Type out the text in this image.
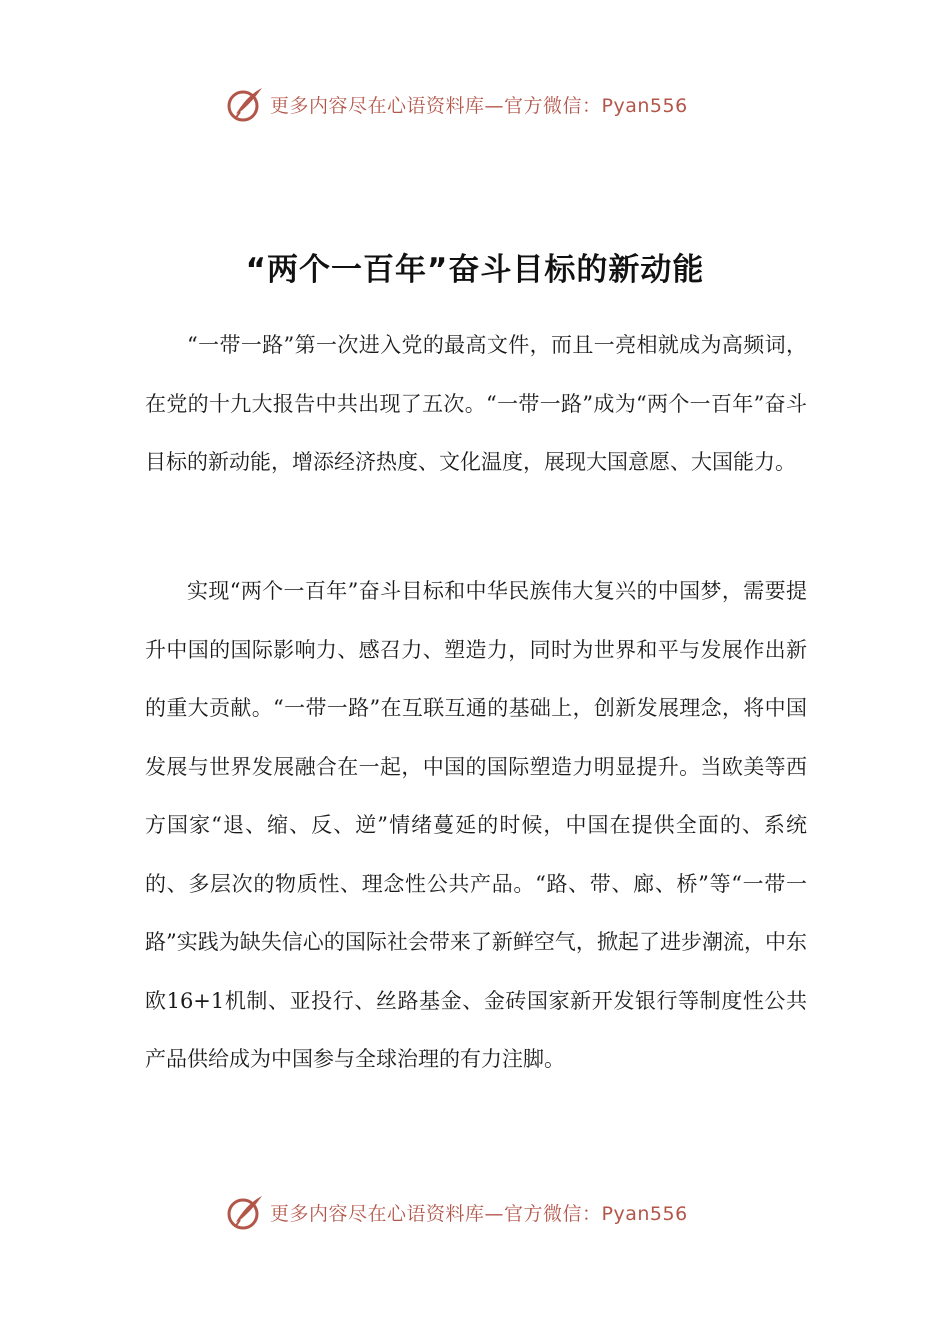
更多内容尽在心语资料库—官方微信：Pyan556
“两个一百年”奋斗目标的新动能

“一带一路”第一次进入党的最高文件，而且一亮相就成为高频词，在党的十九大报告中共出现了五次。“一带一路”成为“两个一百年”奋斗目标的新动能，增添经济热度、文化温度，展现大国意愿、大国能力。

实现“两个一百年”奋斗目标和中华民族伟大复兴的中国梦，需要提升中国的国际影响力、感召力、塑造力，同时为世界和平与发展作出新的重大贡献。“一带一路”在互联互通的基础上，创新发展理念，将中国发展与世界发展融合在一起，中国的国际塑造力明显提升。当欧美等西方国家“退、缩、反、逆”情绪蔓延的时候，中国在提供全面的、系统的、多层次的物质性、理念性公共产品。“路、带、廊、桥”等“一带一路”实践为缺失信心的国际社会带来了新鲜空气，掀起了进步潮流，中东欧16+1机制、亚投行、丝路基金、金砖国家新开发银行等制度性公共产品供给成为中国参与全球治理的有力注脚。

更多内容尽在心语资料库—官方微信：Pyan556
